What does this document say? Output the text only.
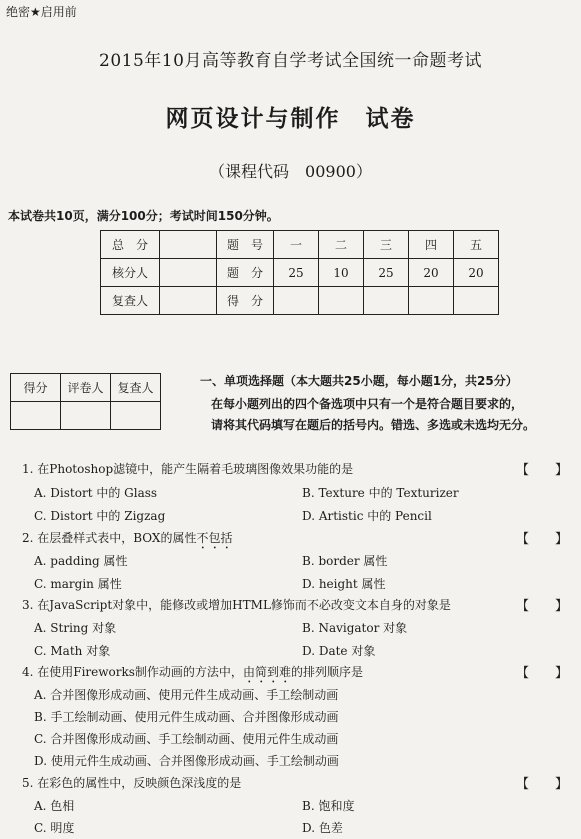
绝密★启用前
2015年10月高等教育自学考试全国统一命题考试
网页设计与制作　试卷
（课程代码　00900）
本试卷共10页，满分100分；考试时间150分钟。
总　分		题　号	一	二	三	四	五
核分人		题　分	25	10	25	20	20
复查人		得　分					
得分	评卷人	复查人
			一、单项选择题（本大题共25小题，每小题1分，共25分）
在每小题列出的四个备选项中只有一个是符合题目要求的，
请将其代码填写在题后的括号内。错选、多选或未选均无分。
1. 在Photoshop滤镜中，能产生隔着毛玻璃图像效果功能的是	【　　】
A. Distort 中的 Glass	B. Texture 中的 Texturizer
C. Distort 中的 Zigzag	D. Artistic 中的 Pencil
2. 在层叠样式表中，BOX的属性不包括	【　　】
A. padding 属性	B. border 属性
C. margin 属性	D. height 属性
3. 在JavaScript对象中，能修改或增加HTML修饰而不必改变文本自身的对象是	【　　】
A. String 对象	B. Navigator 对象
C. Math 对象	D. Date 对象
4. 在使用Fireworks制作动画的方法中，由简到难的排列顺序是	【　　】
A. 合并图像形成动画、使用元件生成动画、手工绘制动画
B. 手工绘制动画、使用元件生成动画、合并图像形成动画
C. 合并图像形成动画、手工绘制动画、使用元件生成动画
D. 使用元件生成动画、合并图像形成动画、手工绘制动画
5. 在彩色的属性中，反映颜色深浅度的是	【　　】
A. 色相	B. 饱和度
C. 明度	D. 色差
